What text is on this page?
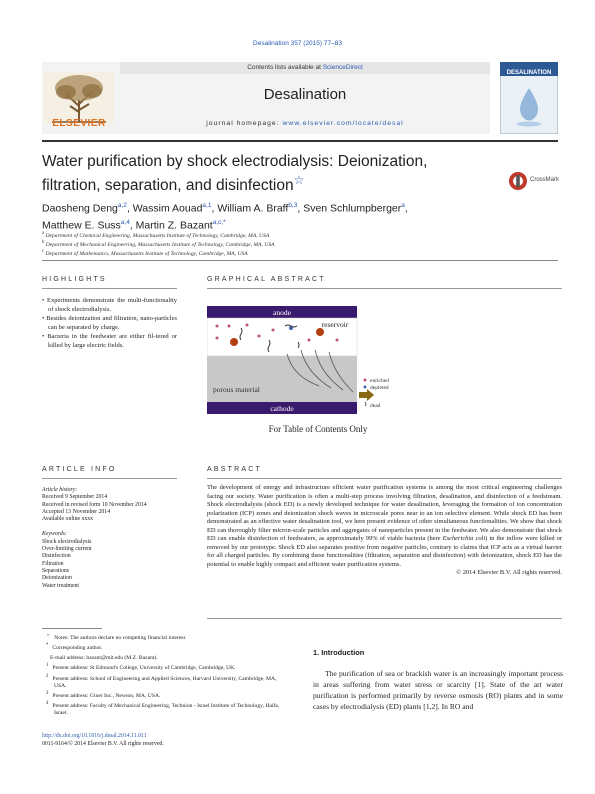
Desalination 357 (2015) 77–83
Contents lists available at ScienceDirect
Desalination
journal homepage: www.elsevier.com/locate/desal
ELSEVIER
DESALINATION
Water purification by shock electrodialysis: Deionization, filtration, separation, and disinfection☆	CrossMark
Daosheng Deng$^{a,2}$, Wassim Aouad$^{a,1}$, William A. Braff$^{b,3}$, Sven Schlumpberger$^a$,
Matthew E. Suss$^{a,4}$, Martin Z. Bazant$^{a,c,*}$
$^a$ Department of Chemical Engineering, Massachusetts Institute of Technology, Cambridge, MA, USA
$^b$ Department of Mechanical Engineering, Massachusetts Institute of Technology, Cambridge, MA, USA
$^c$ Department of Mathematics, Massachusetts Institute of Technology, Cambridge, MA, USA
HIGHLIGHTS
• Experiments demonstrate the multi-functionality of shock electrodialysis.
• Besides deionization and filtration, nano-particles can be separated by charge.
• Bacteria in the feedwater are either fil-tered or killed by large electric fields.
GRAPHICAL ABSTRACT
anode
reservoir
porous material
cathode
enriched
depleted
dead
For Table of Contents Only
ARTICLE INFO
Article history:
Received 9 September 2014
Received in revised form 10 November 2014
Accepted 13 November 2014
Available online xxxx
Keywords:
Shock electrodialysis
Over-limiting current
Disinfection
Filtration
Separations
Deionization
Water treatment
ABSTRACT
The development of energy and infrastructure efficient water purification systems is among the most critical engineering challenges facing our society. Water purification is often a multi-step process involving filtration, desalination, and disinfection of a feedstream. Shock electrodialysis (shock ED) is a newly developed technique for water desalination, leveraging the formation of ion concentration polarization (ICP) zones and deionization shock waves in microscale pores near to an ion selective element. While shock ED has been demonstrated as an effective water desalination tool, we here present evidence of other simultaneous functionalities. We show that shock ED can thoroughly filter micron-scale particles and aggregates of nanoparticles present in the feedwater. We also demonstrate that shock ED can enable disinfection of feedwaters, as approximately 99% of viable bacteria (here Escherichia coli) in the inflow were killed or removed by our prototype. Shock ED also separates positive from negative particles, contrary to claims that ICP acts as a virtual barrier for all charged particles. By combining these functionalities (filtration, separation and disinfection) with deionization, shock ED has the potential to enable highly compact and efficient water purification systems.
© 2014 Elsevier B.V. All rights reserved.
☆ Notes: The authors declare no competing financial interest.
* Corresponding author.
E-mail address: bazant@mit.edu (M.Z. Bazant).
$^1$ Present address: St Edmund's College, University of Cambridge, Cambridge, UK.
$^2$ Present address: School of Engineering and Applied Sciences, Harvard University, Cambridge, MA, USA.
$^3$ Present address: Giner Inc., Newton, MA, USA.
$^4$ Present address: Faculty of Mechanical Engineering, Technion - Israel Institute of Technology, Haifa, Israel.
1. Introduction
The purification of sea or brackish water is an increasingly important process in areas suffering from water stress or scarcity [1]. State of the art water purification is performed primarily by reverse osmosis (RO) plants and in some cases by electrodialysis (ED) plants [1,2]. In RO and
http://dx.doi.org/10.1016/j.desal.2014.11.011
0011-9164/© 2014 Elsevier B.V. All rights reserved.
